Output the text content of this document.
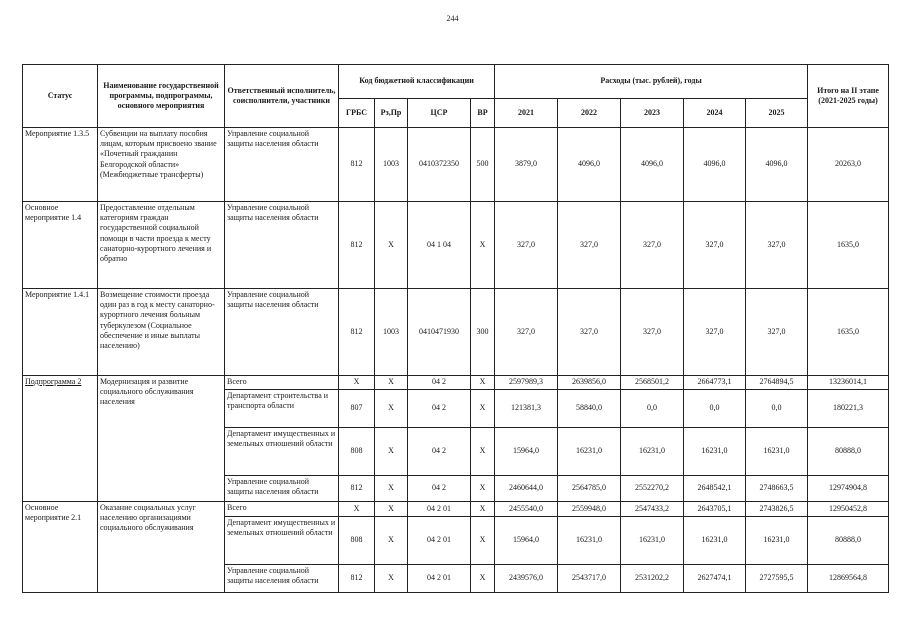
244
Статус	Наименование государственной программы, подпрограммы, основного мероприятия	Ответственный исполнитель, соисполнители, участники	Код бюджетной классификации				Расходы (тыс. рублей), годы					Итого на II этапе (2021-2025 годы)
			ГРБС	Рз,Пр	ЦСР	ВР	2021	2022	2023	2024	2025	
Мероприятие 1.3.5	Субвенции на выплату пособия лицам, которым присвоено звание «Почетный гражданин Белгородской области» (Межбюджетные трансферты)	Управление социальной защиты населения области	812	1003	0410372350	500	3879,0	4096,0	4096,0	4096,0	4096,0	20263,0
Основное мероприятие 1.4	Предоставление отдельным категориям граждан государственной социальной помощи в части проезда к месту санаторно-курортного лечения и обратно	Управление социальной защиты населения области	812	Х	04 1 04	Х	327,0	327,0	327,0	327,0	327,0	1635,0
Мероприятие 1.4.1	Возмещение стоимости проезда один раз в год к месту санаторно-курортного лечения больным туберкулезом (Социальное обеспечение и иные выплаты населению)	Управление социальной защиты населения области	812	1003	0410471930	300	327,0	327,0	327,0	327,0	327,0	1635,0
Подпрограмма 2	Модернизация и развитие социального обслуживания населения	Всего	Х	Х	04 2	Х	2597989,3	2639856,0	2568501,2	2664773,1	2764894,5	13236014,1
		Департамент строительства и транспорта области	807	Х	04 2	Х	121381,3	58840,0	0,0	0,0	0,0	180221,3
		Департамент имущественных и земельных отношений области	808	Х	04 2	Х	15964,0	16231,0	16231,0	16231,0	16231,0	80888,0
		Управление социальной защиты населения области	812	Х	04 2	Х	2460644,0	2564785,0	2552270,2	2648542,1	2748663,5	12974904,8
Основное мероприятие 2.1	Оказание социальных услуг населению организациями социального обслуживания	Всего	Х	Х	04 2 01	Х	2455540,0	2559948,0	2547433,2	2643705,1	2743826,5	12950452,8
		Департамент имущественных и земельных отношений области	808	Х	04 2 01	Х	15964,0	16231,0	16231,0	16231,0	16231,0	80888,0
		Управление социальной защиты населения области	812	Х	04 2 01	Х	2439576,0	2543717,0	2531202,2	2627474,1	2727595,5	12869564,8
